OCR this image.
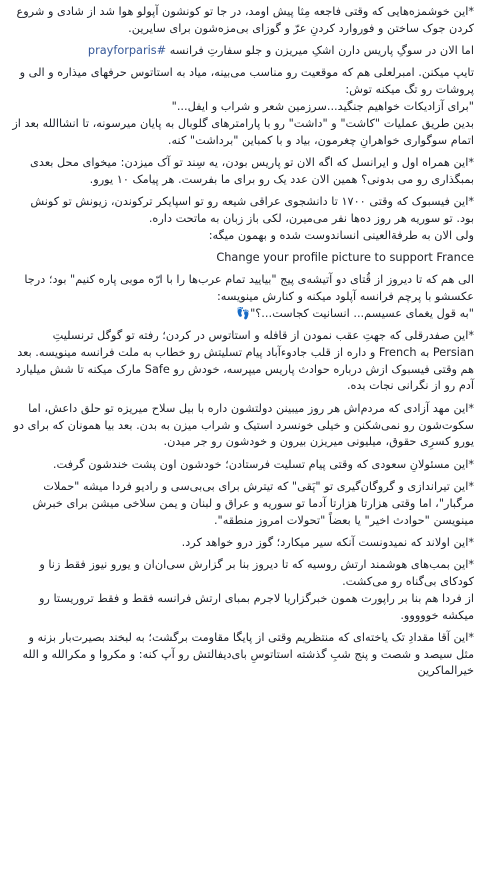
*این خوشمزه‌هایی که وقتی فاجعه مِثا پیش اومد، در جا تو کونشون آپولو هوا شد از شادی و شروع کردن جوک ساختن و فوروارد کردنِ عرّ و گوزای بی‌مزه‌شون برای سایرین.

اما الان در سوگِ پاریس دارن اشکِ میریزن و جلو سفارتِ فرانسه #prayforparis

تایپ میکنن. امبرلعلی هم که موقعیت رو مناسب می‌بینه، میاد به استاتوس حرفهای میذاره و الی و پروشات رو تگ میکنه توش:
"برای آزادیکات خواهیم جنگید...سرزمین شعر و شراب و ایفل..."
بدین طریق عملیات "کاشت" و "داشت" رو با پارامترهای گلوبال به پایان میرسونه، تا انشاالله بعد از اتمام سوگواری خواهرانِ چغرمون، بیاد و با کمباین "برداشت" کنه.

*این همراه اول و ایرانسل که اگه الان تو پاریس بودن، یه سِند تو آک میزدن: میخوای محل بعدی بمبگذاری رو می بدونی؟ همین الان عدد یک رو برای ما بفرست. هر پیامک ۱۰ یورو.

*این فیسبوک که وقتی ۱۷۰۰ تا دانشجوی عراقی شیعه رو تو اسپایکر ترکوندن، زیونش تو کونش بود. تو سوریه هر روز ده‌ها نفر می‌میرن، لکی باز زبان به ماتحت داره.
ولی الان به طرفةالعینی انساندوست شده و بهمون میگه:

Change your profile picture to support France

الی هم که تا دیروز از قُتای دو آتیشه‌ی پیج "بیایید تمام عرب‌ها را با ارّه موبی پاره کنیم" بود؛ درجا عکسشو با پرچم فرانسه آپلود میکنه و کنارش مینویسه:
"به قول یغمای عسیسم... انسانیت کجاست...؟"👣

*این صفدرقلی که جهتِ عقب نمودن از قافله و استاتوس در کردن؛ رفته تو گوگل ترنسلیتِ Persian به French و داره از قلب جادوءآباد پیام تسلیتش رو خطاب به ملت فرانسه مینویسه. بعد هم وقتی فیسبوک ازش درباره حوادث پاریس میپرسه، خودش رو Safe مارک میکنه تا شش میلیارد آدم رو از نگرانی نجات بده.

*این مهد آزادی که مردم‌اش هر روز میبینن دولتشون داره با بیل سلاح میریزه تو حلق داعش، اما سکوت‌شون رو نمی‌شکنن و خیلی خونسرد استیک و شراب میزن به بدن. بعد بیا همونان که برای دو یورو کسرِی حقوق، میلیونی میریزن بیرون و خودشون رو جر میدن.

*این مسئولانِ سعودی که وقتی پیام تسلیت فرستادن؛ خودشون اون پشت خندشون گرفت.

*این تیراندازی و گروگان‌گیری تو "پَقی" که تیترش برای بی‌بی‌سی و رادیو فردا میشه "حملات مرگبار"، اما وقتی هزارتا هزارتا آدما تو سوریه و عراق و لبنان و یمن سلاخی میشن برای خبرش مینویسن "حوادث اخیر" یا بعضاً "تحولات امروز منطقه".

*این اولاند که نمیدونست آنکه سیر میکارد؛ گوز درو خواهد کرد.

*این بمب‌های هوشمند ارتش روسیه که تا دیروز بنا بر گزارش سی‌ان‌ان و یورو نیوز فقط زنا و کودکای بی‌گناه رو می‌کشت.
از فردا هم بنا بر راپورت همون خبرگزاریا لاجرم بمبای ارتش فرانسه فقط و فقط تروریستا رو میکشه خووووو.

*این آقا مقدادِ تک یاخته‌ای که منتظریم وقتی از پایگا مقاومت برگشت؛ به لبخند بصیرت‌بار بزنه و مثل سیصد و شصت و پنج شبِ گذشته استاتوسِ بای‌دیفالتش رو آپ کنه: و مکروا و مکرالله و الله خیرالماکرین
